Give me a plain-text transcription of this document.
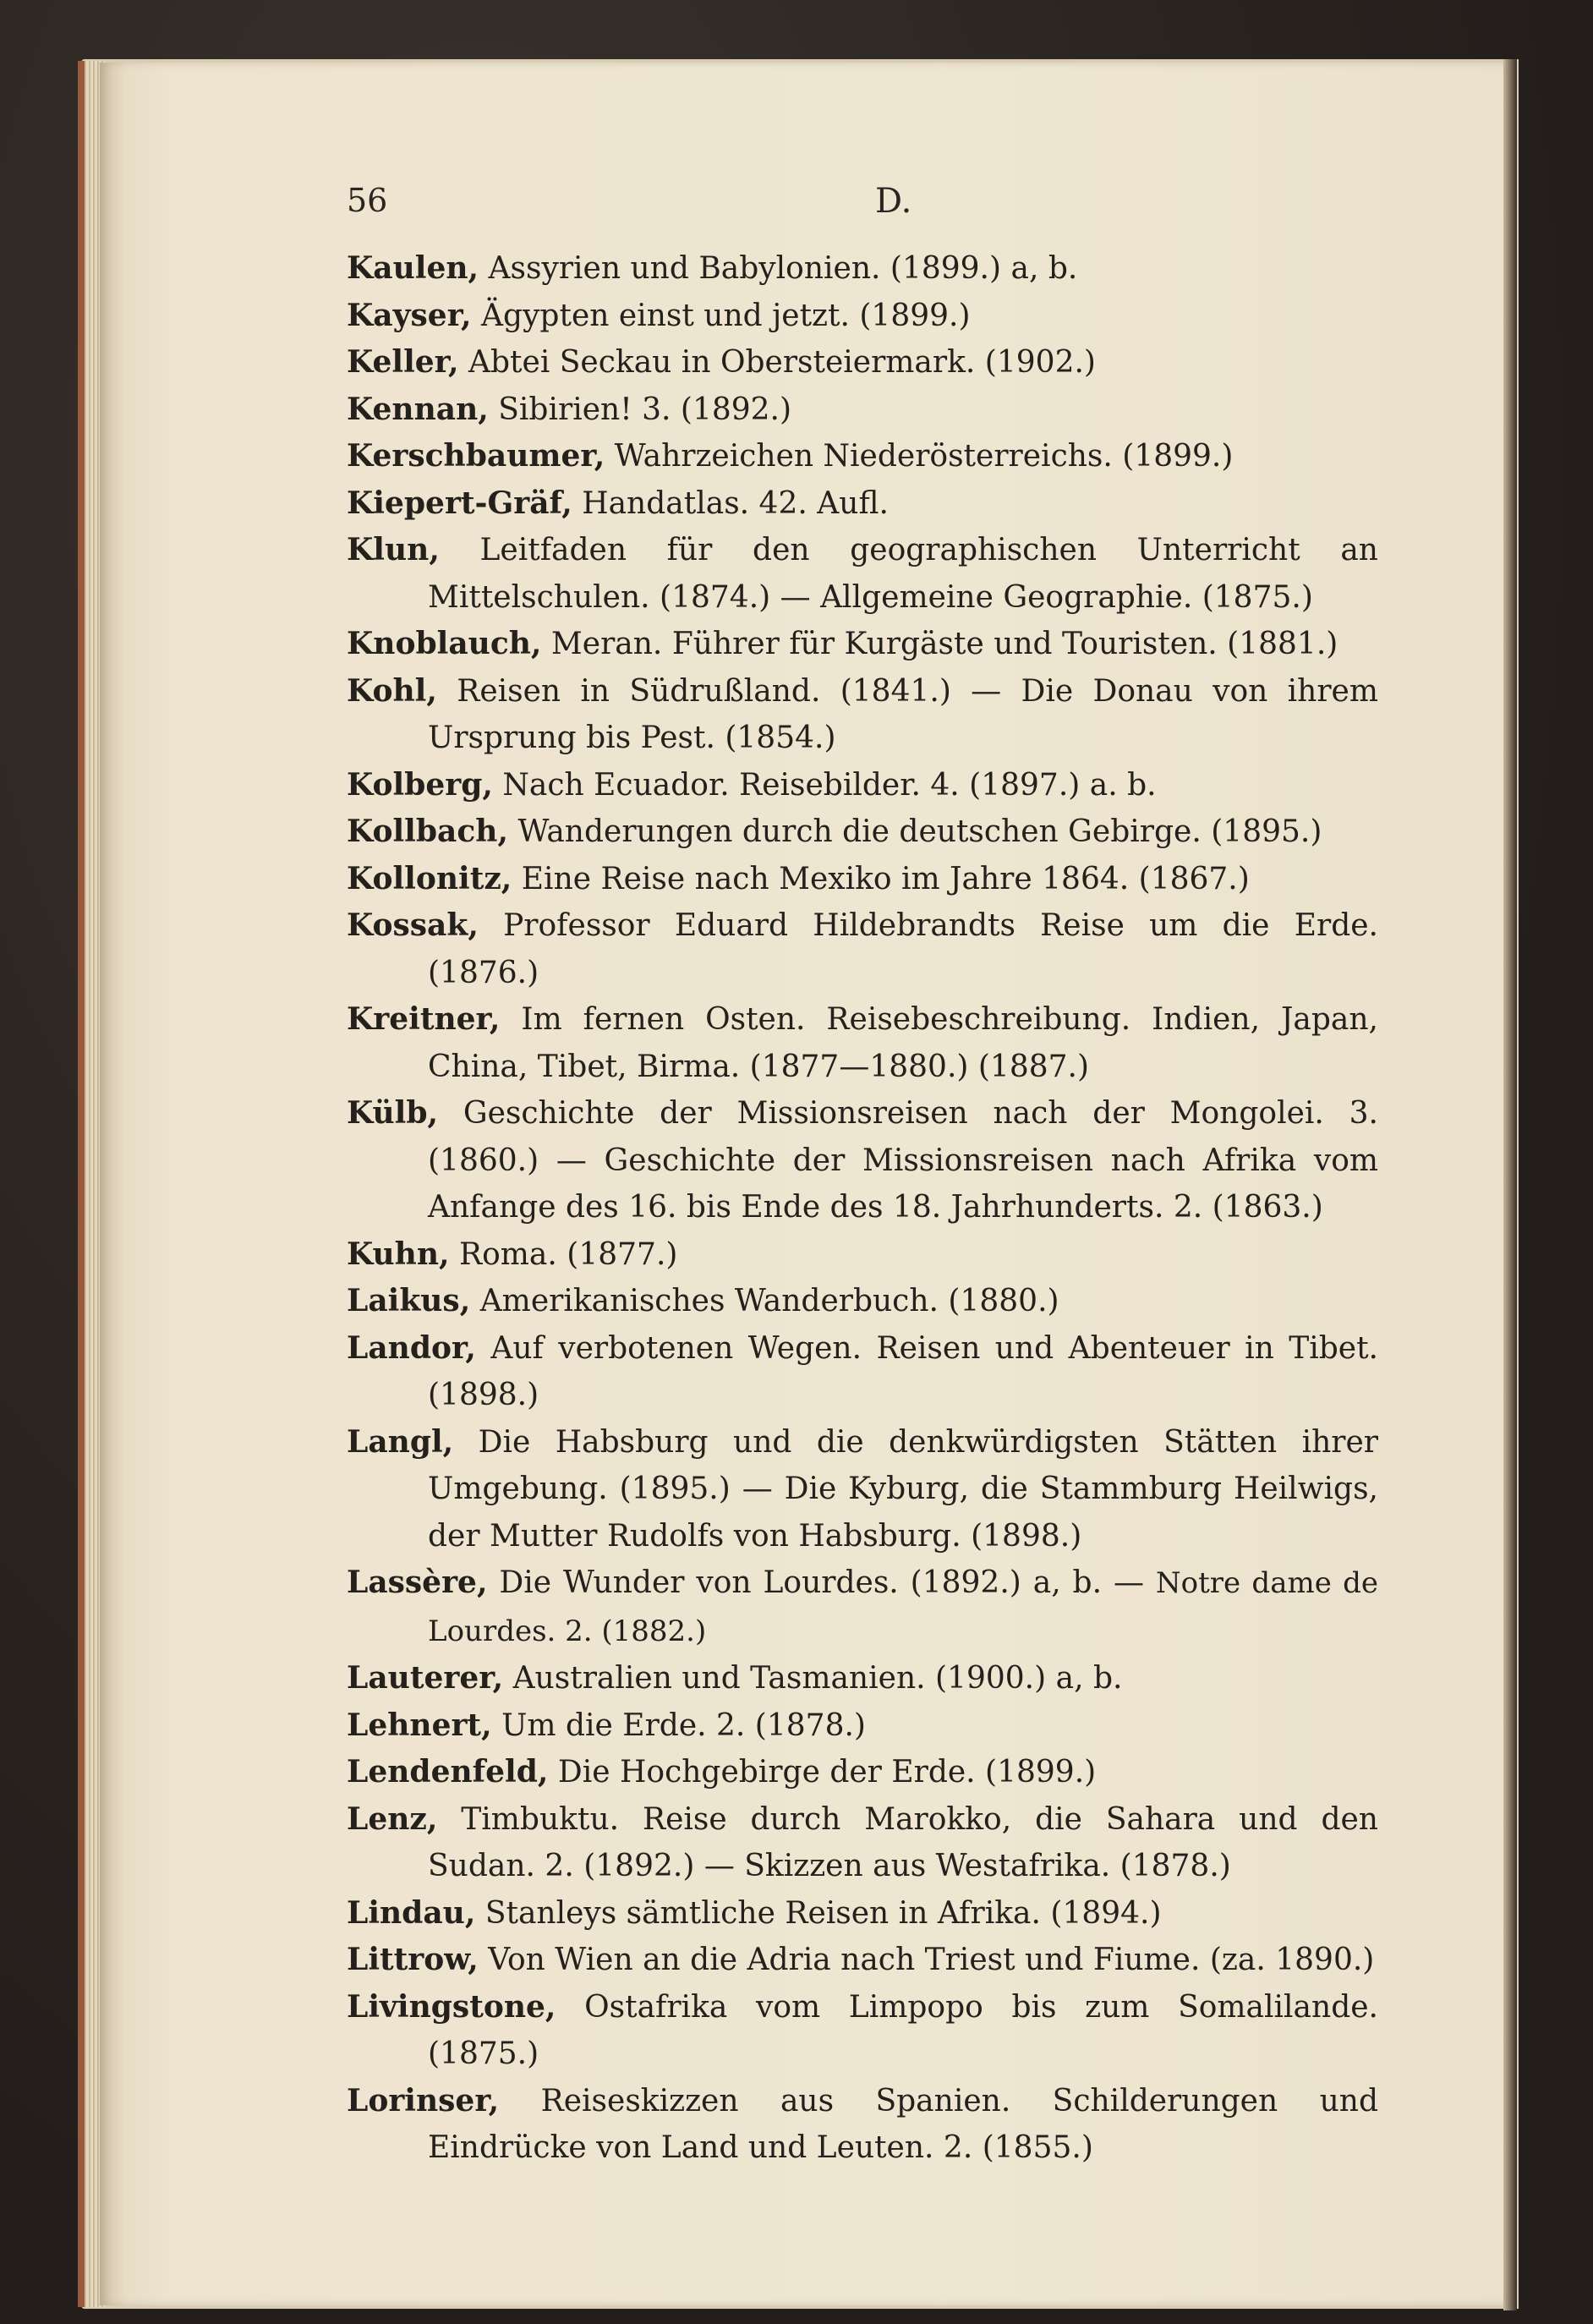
56	D.

Kaulen, Assyrien und Babylonien. (1899.) a, b.

Kayser, Ägypten einst und jetzt. (1899.)

Keller, Abtei Seckau in Obersteiermark. (1902.)

Kennan, Sibirien! 3. (1892.)

Kerschbaumer, Wahrzeichen Niederösterreichs. (1899.)

Kiepert-Gräf, Handatlas. 42. Aufl.

Klun, Leitfaden für den geographischen Unterricht an Mittelschulen. (1874.) — Allgemeine Geographie. (1875.)

Knoblauch, Meran. Führer für Kurgäste und Touristen. (1881.)

Kohl, Reisen in Südrußland. (1841.) — Die Donau von ihrem Ursprung bis Pest. (1854.)

Kolberg, Nach Ecuador. Reisebilder. 4. (1897.) a. b.

Kollbach, Wanderungen durch die deutschen Gebirge. (1895.)

Kollonitz, Eine Reise nach Mexiko im Jahre 1864. (1867.)

Kossak, Professor Eduard Hildebrandts Reise um die Erde. (1876.)

Kreitner, Im fernen Osten. Reisebeschreibung. Indien, Japan, China, Tibet, Birma. (1877—1880.) (1887.)

Külb, Geschichte der Missionsreisen nach der Mongolei. 3. (1860.) — Geschichte der Missionsreisen nach Afrika vom Anfange des 16. bis Ende des 18. Jahrhunderts. 2. (1863.)

Kuhn, Roma. (1877.)

Laikus, Amerikanisches Wanderbuch. (1880.)

Landor, Auf verbotenen Wegen. Reisen und Abenteuer in Tibet. (1898.)

Langl, Die Habsburg und die denkwürdigsten Stätten ihrer Umgebung. (1895.) — Die Kyburg, die Stammburg Heilwigs, der Mutter Rudolfs von Habsburg. (1898.)

Lassère, Die Wunder von Lourdes. (1892.) a, b. — Notre dame de Lourdes. 2. (1882.)

Lauterer, Australien und Tasmanien. (1900.) a, b.

Lehnert, Um die Erde. 2. (1878.)

Lendenfeld, Die Hochgebirge der Erde. (1899.)

Lenz, Timbuktu. Reise durch Marokko, die Sahara und den Sudan. 2. (1892.) — Skizzen aus Westafrika. (1878.)

Lindau, Stanleys sämtliche Reisen in Afrika. (1894.)

Littrow, Von Wien an die Adria nach Triest und Fiume. (za. 1890.)

Livingstone, Ostafrika vom Limpopo bis zum Somalilande. (1875.)

Lorinser, Reiseskizzen aus Spanien. Schilderungen und Eindrücke von Land und Leuten. 2. (1855.)
